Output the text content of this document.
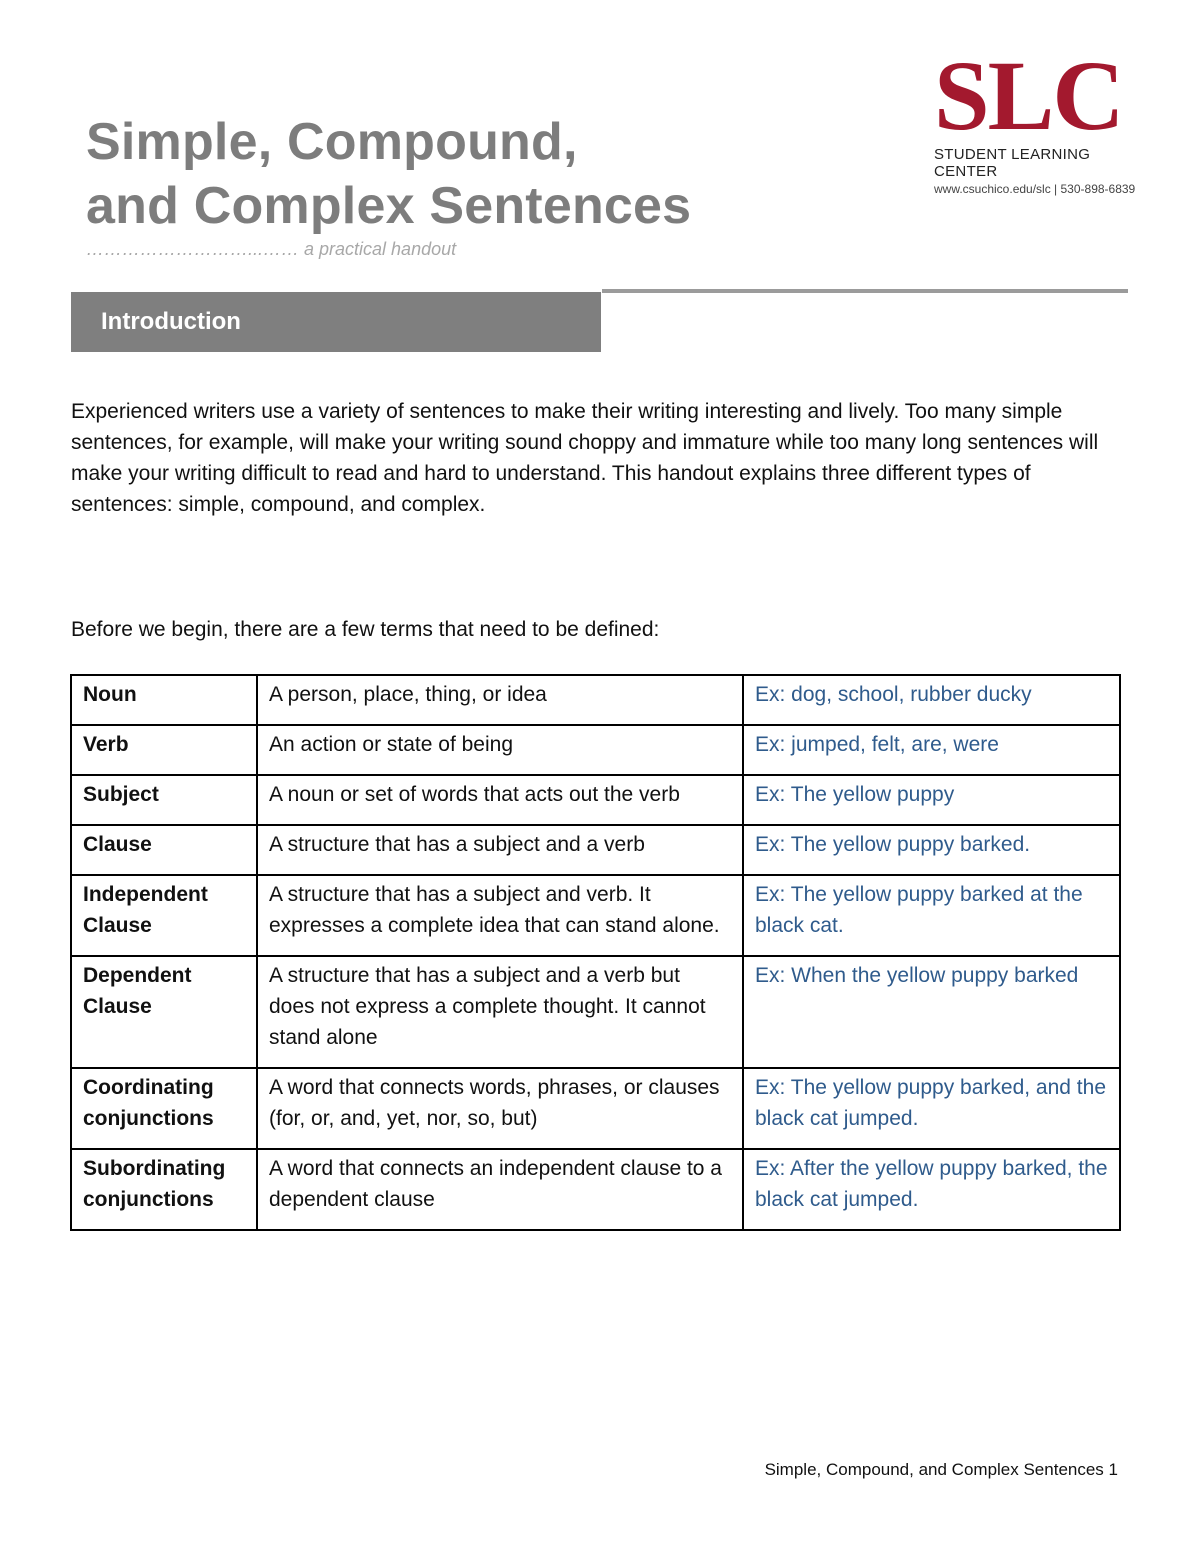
Simple, Compound,
and Complex Sentences
………………………...…… a practical handout
SLC
STUDENT LEARNING CENTER
www.csuchico.edu/slc | 530-898-6839
Introduction
Experienced writers use a variety of sentences to make their writing interesting and lively. Too many simple sentences, for example, will make your writing sound choppy and immature while too many long sentences will make your writing difficult to read and hard to understand. This handout explains three different types of sentences: simple, compound, and complex.
Before we begin, there are a few terms that need to be defined:
Noun	A person, place, thing, or idea	Ex: dog, school, rubber ducky
Verb	An action or state of being	Ex: jumped, felt, are, were
Subject	A noun or set of words that acts out the verb	Ex: The yellow puppy
Clause	A structure that has a subject and a verb	Ex: The yellow puppy barked.
Independent Clause	A structure that has a subject and verb. It expresses a complete idea that can stand alone.	Ex: The yellow puppy barked at the black cat.
Dependent Clause	A structure that has a subject and a verb but does not express a complete thought. It cannot stand alone	Ex: When the yellow puppy barked
Coordinating conjunctions	A word that connects words, phrases, or clauses (for, or, and, yet, nor, so, but)	Ex: The yellow puppy barked, and the black cat jumped.
Subordinating conjunctions	A word that connects an independent clause to a dependent clause	Ex: After the yellow puppy barked, the black cat jumped.
Simple, Compound, and Complex Sentences 1
